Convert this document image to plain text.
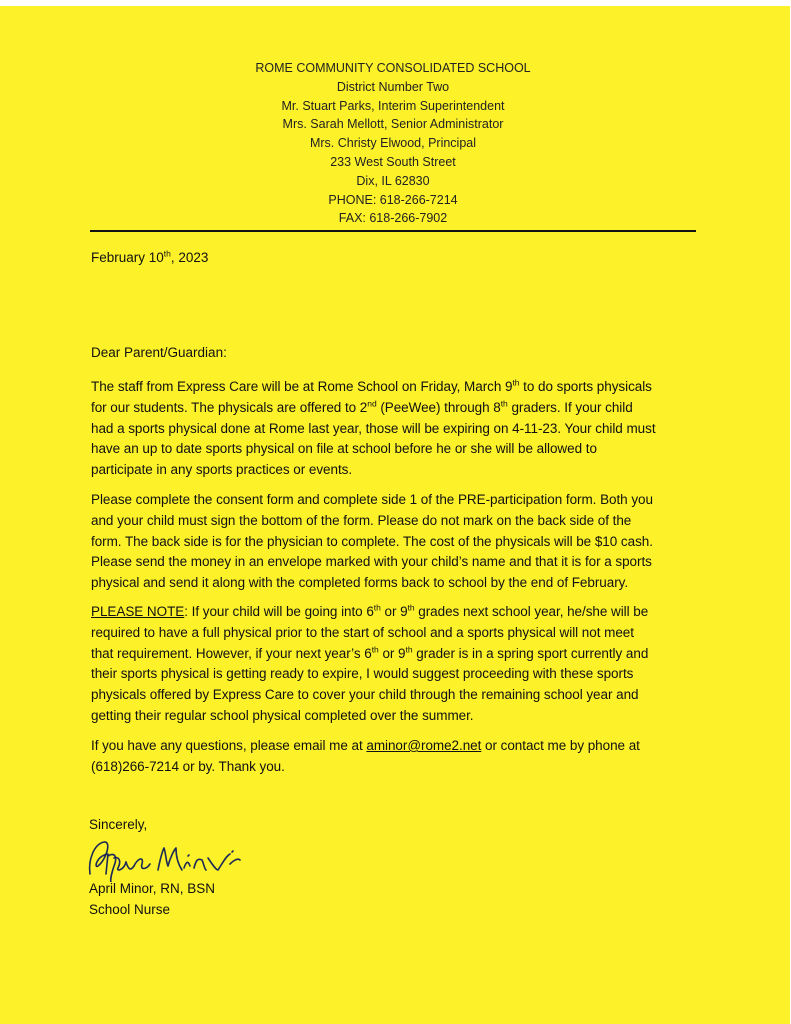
ROME COMMUNITY CONSOLIDATED SCHOOL
District Number Two
Mr. Stuart Parks, Interim Superintendent
Mrs. Sarah Mellott, Senior Administrator
Mrs. Christy Elwood, Principal
233 West South Street
Dix, IL 62830
PHONE: 618-266-7214
FAX: 618-266-7902
February 10th, 2023
Dear Parent/Guardian:
The staff from Express Care will be at Rome School on Friday, March 9th to do sports physicals
for our students. The physicals are offered to 2nd (PeeWee) through 8th graders. If your child
had a sports physical done at Rome last year, those will be expiring on 4-11-23. Your child must
have an up to date sports physical on file at school before he or she will be allowed to
participate in any sports practices or events.
Please complete the consent form and complete side 1 of the PRE-participation form. Both you
and your child must sign the bottom of the form. Please do not mark on the back side of the
form. The back side is for the physician to complete. The cost of the physicals will be $10 cash.
Please send the money in an envelope marked with your child’s name and that it is for a sports
physical and send it along with the completed forms back to school by the end of February.
PLEASE NOTE: If your child will be going into 6th or 9th grades next school year, he/she will be
required to have a full physical prior to the start of school and a sports physical will not meet
that requirement. However, if your next year’s 6th or 9th grader is in a spring sport currently and
their sports physical is getting ready to expire, I would suggest proceeding with these sports
physicals offered by Express Care to cover your child through the remaining school year and
getting their regular school physical completed over the summer.
If you have any questions, please email me at aminor@rome2.net or contact me by phone at
(618)266-7214 or by. Thank you.
Sincerely,
April Minor, RN, BSN
School Nurse
